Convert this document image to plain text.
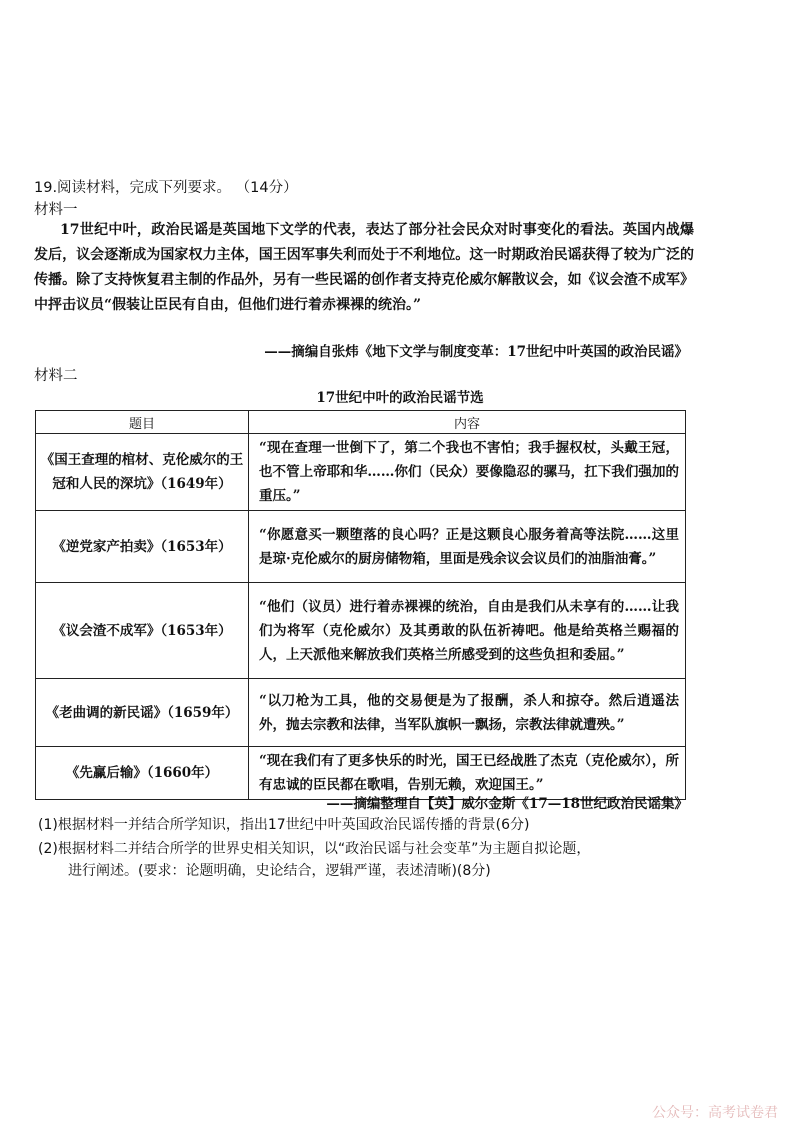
19.阅读材料，完成下列要求。 （14分）
材料一
17世纪中叶，政治民谣是英国地下文学的代表，表达了部分社会民众对时事变化的看法。英国内战爆发后，议会逐渐成为国家权力主体，国王因军事失利而处于不利地位。这一时期政治民谣获得了较为广泛的传播。除了支持恢复君主制的作品外，另有一些民谣的创作者支持克伦威尔解散议会，如《议会渣不成军》中抨击议员“假装让臣民有自由，但他们进行着赤裸裸的统治。”
——摘编自张炜《地下文学与制度变革：17世纪中叶英国的政治民谣》
材料二
17世纪中叶的政治民谣节选
题目	内容
《国王查理的棺材、克伦威尔的王冠和人民的深坑》（1649年）	“现在查理一世倒下了，第二个我也不害怕；我手握权杖，头戴王冠，也不管上帝耶和华……你们（民众）要像隐忍的骡马，扛下我们强加的重压。”
《逆党家产拍卖》（1653年）	“你愿意买一颗堕落的良心吗？正是这颗良心服务着高等法院……这里是琼·克伦威尔的厨房储物箱，里面是残余议会议员们的油脂油膏。”
《议会渣不成军》（1653年）	“他们（议员）进行着赤裸裸的统治，自由是我们从未享有的……让我们为将军（克伦威尔）及其勇敢的队伍祈祷吧。他是给英格兰赐福的人，上天派他来解放我们英格兰所感受到的这些负担和委屈。”
《老曲调的新民谣》（1659年）	“以刀枪为工具，他的交易便是为了报酬，杀人和掠夺。然后逍遥法外，抛去宗教和法律，当军队旗帜一飘扬，宗教法律就遭殃。”
《先赢后输》（1660年）	“现在我们有了更多快乐的时光，国王已经战胜了杰克（克伦威尔），所有忠诚的臣民都在歌唱，告别无赖，欢迎国王。”
——摘编整理自【英】威尔金斯《17—18世纪政治民谣集》
(1)根据材料一并结合所学知识，指出17世纪中叶英国政治民谣传播的背景(6分)
(2)根据材料二并结合所学的世界史相关知识，以“政治民谣与社会变革”为主题自拟论题，
进行阐述。(要求：论题明确，史论结合，逻辑严谨，表述清晰)(8分)
公众号：高考试卷君
